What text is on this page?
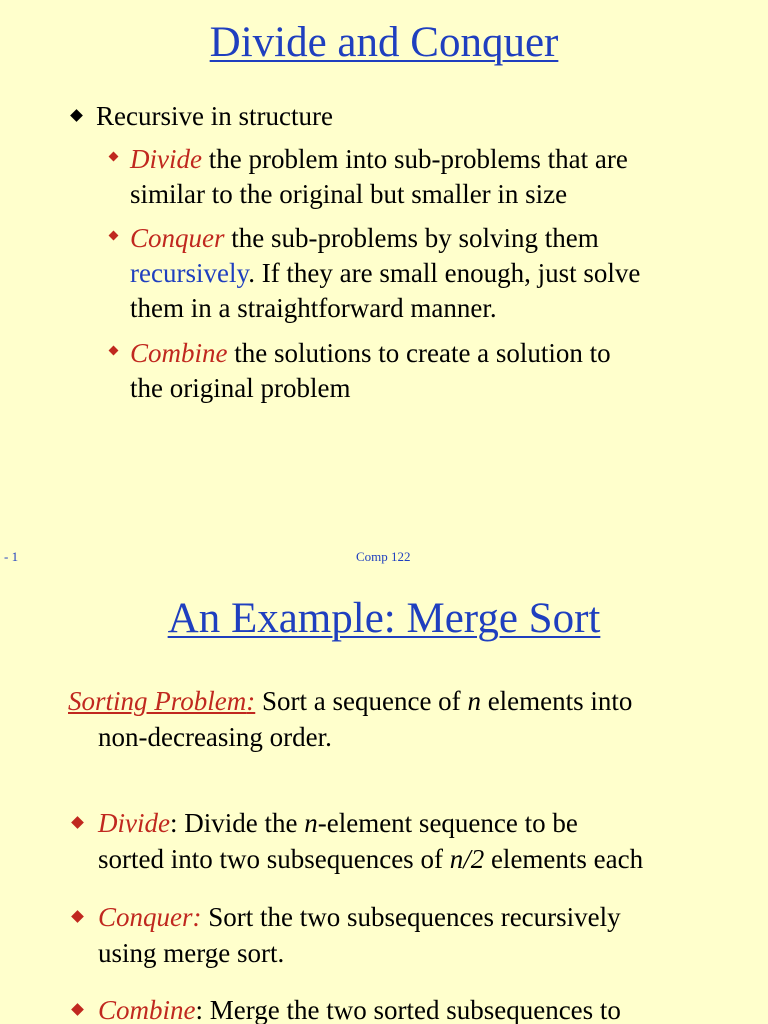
Divide and Conquer
Recursive in structure
Divide the problem into sub-problems that are
similar to the original but smaller in size
Conquer the sub-problems by solving them
recursively. If they are small enough, just solve
them in a straightforward manner.
Combine the solutions to create a solution to
the original problem
- 1	Comp 122
An Example: Merge Sort
Sorting Problem: Sort a sequence of n elements into
non-decreasing order.
Divide: Divide the n-element sequence to be
sorted into two subsequences of n/2 elements each
Conquer: Sort the two subsequences recursively
using merge sort.
Combine: Merge the two sorted subsequences to
